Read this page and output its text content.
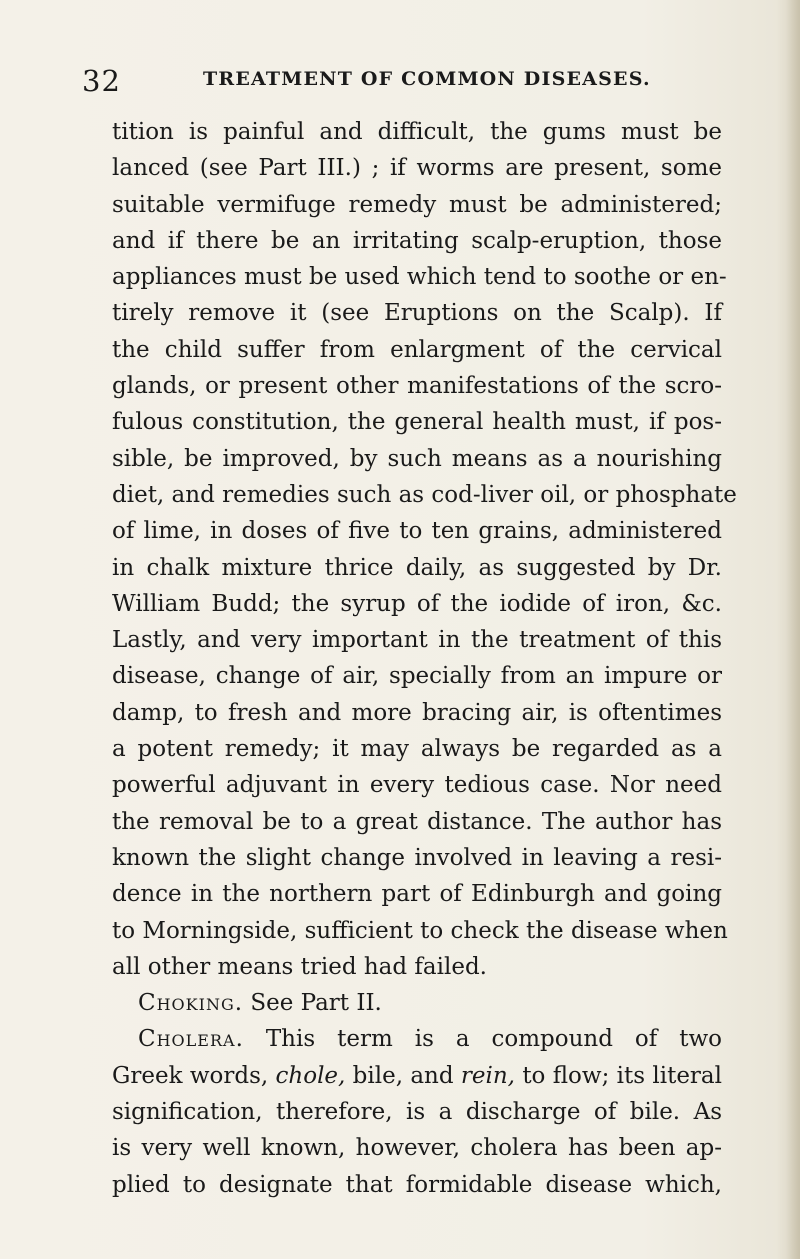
32	TREATMENT OF COMMON DISEASES.
tition is painful and difficult, the gums must be
lanced (see Part III.) ; if worms are present, some
suitable vermifuge remedy must be administered;
and if there be an irritating scalp-eruption, those
appliances must be used which tend to soothe or en-
tirely remove it (see Eruptions on the Scalp). If
the child suffer from enlargment of the cervical
glands, or present other manifestations of the scro-
fulous constitution, the general health must, if pos-
sible, be improved, by such means as a nourishing
diet, and remedies such as cod-liver oil, or phosphate
of lime, in doses of five to ten grains, administered
in chalk mixture thrice daily, as suggested by Dr.
William Budd; the syrup of the iodide of iron, &c.
Lastly, and very important in the treatment of this
disease, change of air, specially from an impure or
damp, to fresh and more bracing air, is oftentimes
a potent remedy; it may always be regarded as a
powerful adjuvant in every tedious case. Nor need
the removal be to a great distance. The author has
known the slight change involved in leaving a resi-
dence in the northern part of Edinburgh and going
to Morningside, sufficient to check the disease when
all other means tried had failed.
Choking. See Part II.
Cholera. This term is a compound of two
Greek words, chole, bile, and rein, to flow; its literal
signification, therefore, is a discharge of bile. As
is very well known, however, cholera has been ap-
plied to designate that formidable disease which,
